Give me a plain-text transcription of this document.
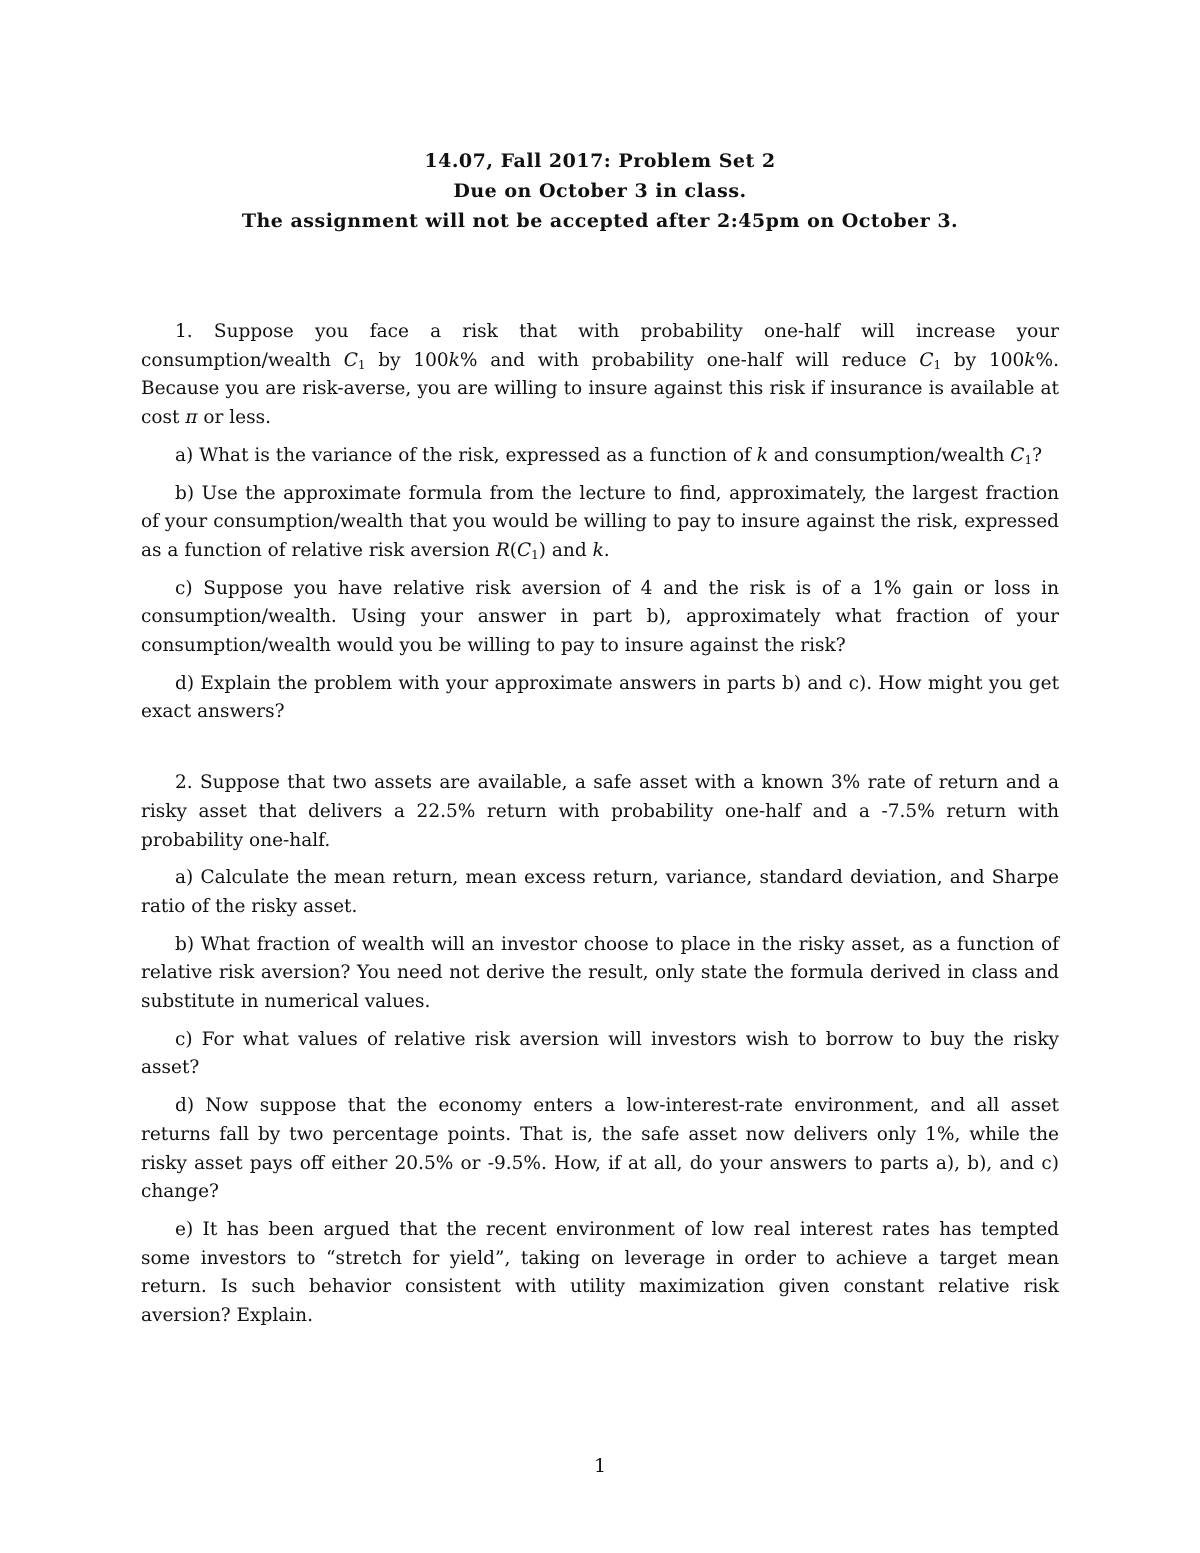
14.07, Fall 2017: Problem Set 2
Due on October 3 in class.
The assignment will not be accepted after 2:45pm on October 3.

1. Suppose you face a risk that with probability one-half will increase your consumption/wealth $C_1$ by 100k% and with probability one-half will reduce $C_1$ by 100k%. Because you are risk-averse, you are willing to insure against this risk if insurance is available at cost π or less.

a) What is the variance of the risk, expressed as a function of k and consumption/wealth $C_1$?

b) Use the approximate formula from the lecture to find, approximately, the largest fraction of your consumption/wealth that you would be willing to pay to insure against the risk, expressed as a function of relative risk aversion $R(C_1)$ and k.

c) Suppose you have relative risk aversion of 4 and the risk is of a 1% gain or loss in consumption/wealth. Using your answer in part b), approximately what fraction of your consumption/wealth would you be willing to pay to insure against the risk?

d) Explain the problem with your approximate answers in parts b) and c). How might you get exact answers?

2. Suppose that two assets are available, a safe asset with a known 3% rate of return and a risky asset that delivers a 22.5% return with probability one-half and a -7.5% return with probability one-half.

a) Calculate the mean return, mean excess return, variance, standard deviation, and Sharpe ratio of the risky asset.

b) What fraction of wealth will an investor choose to place in the risky asset, as a function of relative risk aversion? You need not derive the result, only state the formula derived in class and substitute in numerical values.

c) For what values of relative risk aversion will investors wish to borrow to buy the risky asset?

d) Now suppose that the economy enters a low-interest-rate environment, and all asset returns fall by two percentage points. That is, the safe asset now delivers only 1%, while the risky asset pays off either 20.5% or -9.5%. How, if at all, do your answers to parts a), b), and c) change?

e) It has been argued that the recent environment of low real interest rates has tempted some investors to “stretch for yield”, taking on leverage in order to achieve a target mean return. Is such behavior consistent with utility maximization given constant relative risk aversion? Explain.

1
